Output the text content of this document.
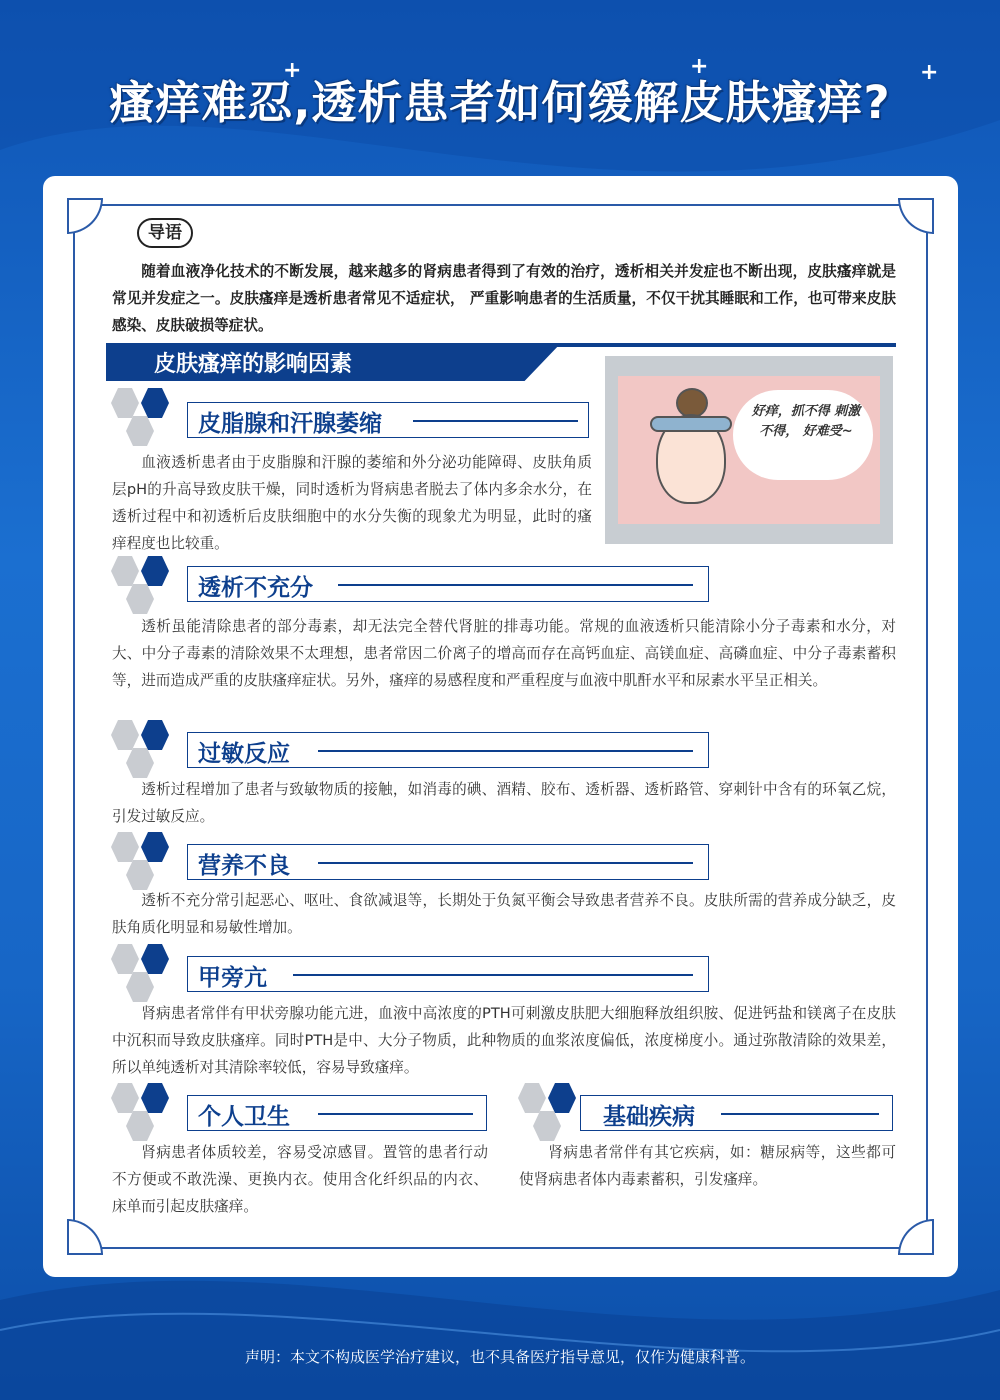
瘙痒难忍,透析患者如何缓解皮肤瘙痒?
+	+	+
导语
随着血液净化技术的不断发展，越来越多的肾病患者得到了有效的治疗，透析相关并发症也不断出现，皮肤瘙痒就是常见并发症之一。皮肤瘙痒是透析患者常见不适症状， 严重影响患者的生活质量，不仅干扰其睡眠和工作，也可带来皮肤感染、皮肤破损等症状。
皮肤瘙痒的影响因素
好痒，抓不得 刺激不得， 好难受~
皮脂腺和汗腺萎缩
血液透析患者由于皮脂腺和汗腺的萎缩和外分泌功能障碍、皮肤角质层pH的升高导致皮肤干燥，同时透析为肾病患者脱去了体内多余水分，在透析过程中和初透析后皮肤细胞中的水分失衡的现象尤为明显，此时的瘙痒程度也比较重。
透析不充分
透析虽能清除患者的部分毒素，却无法完全替代肾脏的排毒功能。常规的血液透析只能清除小分子毒素和水分，对大、中分子毒素的清除效果不太理想，患者常因二价离子的增高而存在高钙血症、高镁血症、高磷血症、中分子毒素蓄积等，进而造成严重的皮肤瘙痒症状。另外，瘙痒的易感程度和严重程度与血液中肌酐水平和尿素水平呈正相关。
过敏反应
透析过程增加了患者与致敏物质的接触，如消毒的碘、酒精、胶布、透析器、透析路管、穿刺针中含有的环氧乙烷，引发过敏反应。
营养不良
透析不充分常引起恶心、呕吐、食欲减退等，长期处于负氮平衡会导致患者营养不良。皮肤所需的营养成分缺乏，皮肤角质化明显和易敏性增加。
甲旁亢
肾病患者常伴有甲状旁腺功能亢进，血液中高浓度的PTH可刺激皮肤肥大细胞释放组织胺、促进钙盐和镁离子在皮肤中沉积而导致皮肤瘙痒。同时PTH是中、大分子物质，此种物质的血浆浓度偏低，浓度梯度小。通过弥散清除的效果差，所以单纯透析对其清除率较低，容易导致瘙痒。
个人卫生
肾病患者体质较差，容易受凉感冒。置管的患者行动不方便或不敢洗澡、更换内衣。使用含化纤织品的内衣、床单而引起皮肤瘙痒。
基础疾病
肾病患者常伴有其它疾病，如：糖尿病等，这些都可使肾病患者体内毒素蓄积，引发瘙痒。
声明：本文不构成医学治疗建议，也不具备医疗指导意见，仅作为健康科普。
